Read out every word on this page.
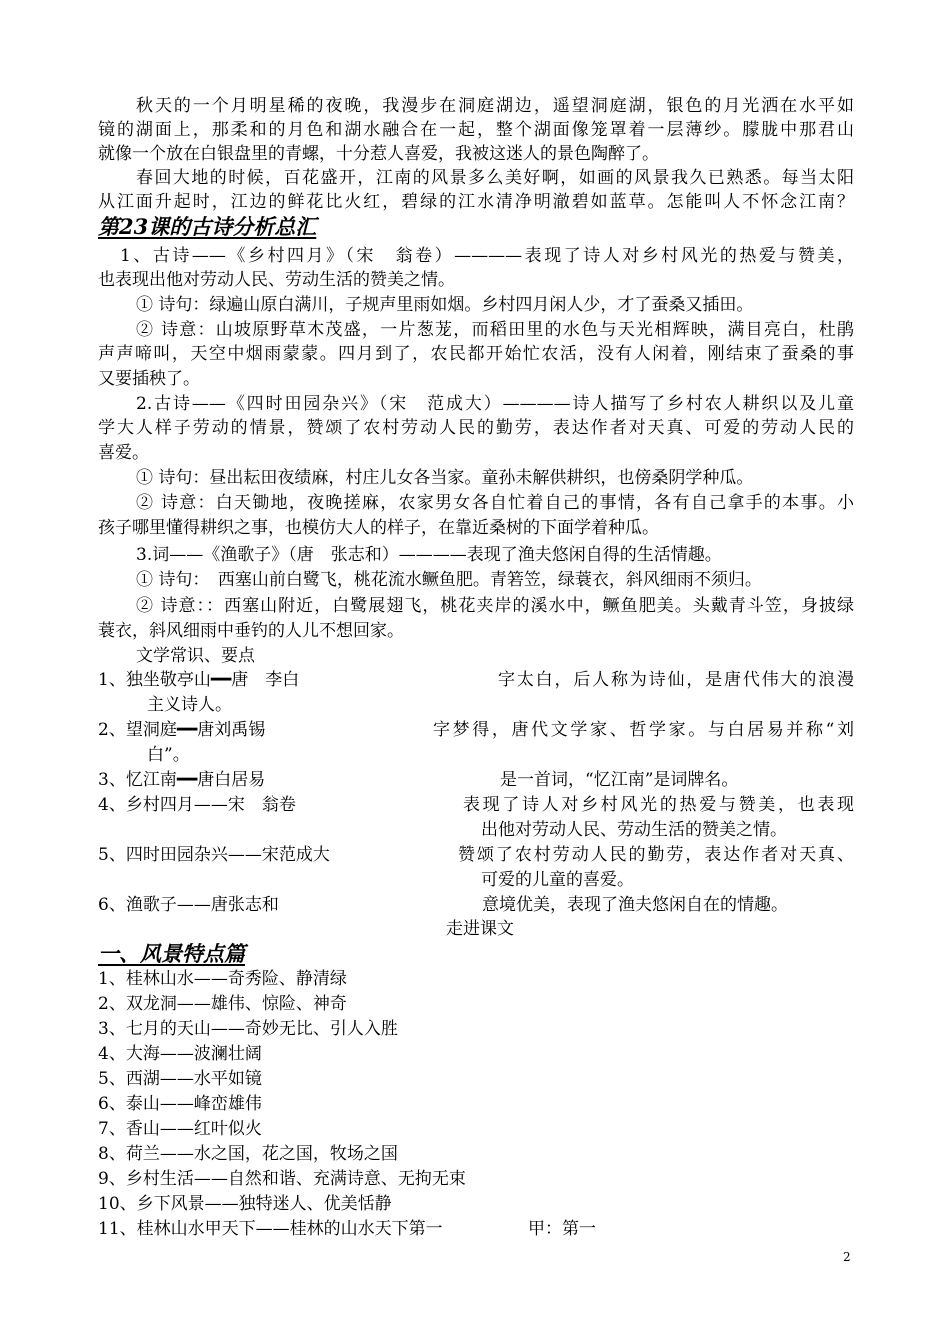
秋天的一个月明星稀的夜晚，我漫步在洞庭湖边，遥望洞庭湖，银色的月光洒在水平如
镜的湖面上，那柔和的月色和湖水融合在一起，整个湖面像笼罩着一层薄纱。朦胧中那君山
就像一个放在白银盘里的青螺，十分惹人喜爱，我被这迷人的景色陶醉了。
春回大地的时候，百花盛开，江南的风景多么美好啊，如画的风景我久已熟悉。每当太阳
从江面升起时，江边的鲜花比火红，碧绿的江水清净明澈碧如蓝草。怎能叫人不怀念江南？
第23课的古诗分析总汇
1、古诗——《乡村四月》（宋　翁卷）————表现了诗人对乡村风光的热爱与赞美，
也表现出他对劳动人民、劳动生活的赞美之情。
① 诗句：绿遍山原白满川，子规声里雨如烟。乡村四月闲人少，才了蚕桑又插田。
② 诗意：山坡原野草木茂盛，一片葱茏，而稻田里的水色与天光相辉映，满目亮白，杜鹃
声声啼叫，天空中烟雨蒙蒙。四月到了，农民都开始忙农活，没有人闲着，刚结束了蚕桑的事
又要插秧了。
2.古诗——《四时田园杂兴》（宋　范成大）————诗人描写了乡村农人耕织以及儿童
学大人样子劳动的情景，赞颂了农村劳动人民的勤劳，表达作者对天真、可爱的劳动人民的
喜爱。
① 诗句：昼出耘田夜绩麻，村庄儿女各当家。童孙未解供耕织，也傍桑阴学种瓜。
② 诗意：白天锄地，夜晚搓麻，农家男女各自忙着自己的事情，各有自己拿手的本事。小
孩子哪里懂得耕织之事，也模仿大人的样子，在靠近桑树的下面学着种瓜。
3.词——《渔歌子》（唐　张志和）————表现了渔夫悠闲自得的生活情趣。
① 诗句：　西塞山前白鹭飞，桃花流水鳜鱼肥。青箬笠，绿蓑衣，斜风细雨不须归。
② 诗意：：西塞山附近，白鹭展翅飞，桃花夹岸的溪水中，鳜鱼肥美。头戴青斗笠，身披绿
蓑衣，斜风细雨中垂钓的人儿不想回家。
文学常识、要点
1、独坐敬亭山━━唐　李白	字太白，后人称为诗仙，是唐代伟大的浪漫
主义诗人。
2、望洞庭━━唐刘禹锡	字梦得，唐代文学家、哲学家。与白居易并称“刘
白”。
3、忆江南━━唐白居易	是一首词，“忆江南”是词牌名。
4、乡村四月——宋　翁卷	表现了诗人对乡村风光的热爱与赞美，也表现
出他对劳动人民、劳动生活的赞美之情。
5、四时田园杂兴——宋范成大	赞颂了农村劳动人民的勤劳，表达作者对天真、
可爱的儿童的喜爱。
6、渔歌子——唐张志和	意境优美，表现了渔夫悠闲自在的情趣。
走进课文
一、风景特点篇
1、桂林山水——奇秀险、静清绿
2、双龙洞——雄伟、惊险、神奇
3、七月的天山——奇妙无比、引人入胜
4、大海——波澜壮阔
5、西湖——水平如镜
6、泰山——峰峦雄伟
7、香山——红叶似火
8、荷兰——水之国，花之国，牧场之国
9、乡村生活——自然和谐、充满诗意、无拘无束
10、乡下风景——独特迷人、优美恬静
11、桂林山水甲天下——桂林的山水天下第一	甲：第一
2
